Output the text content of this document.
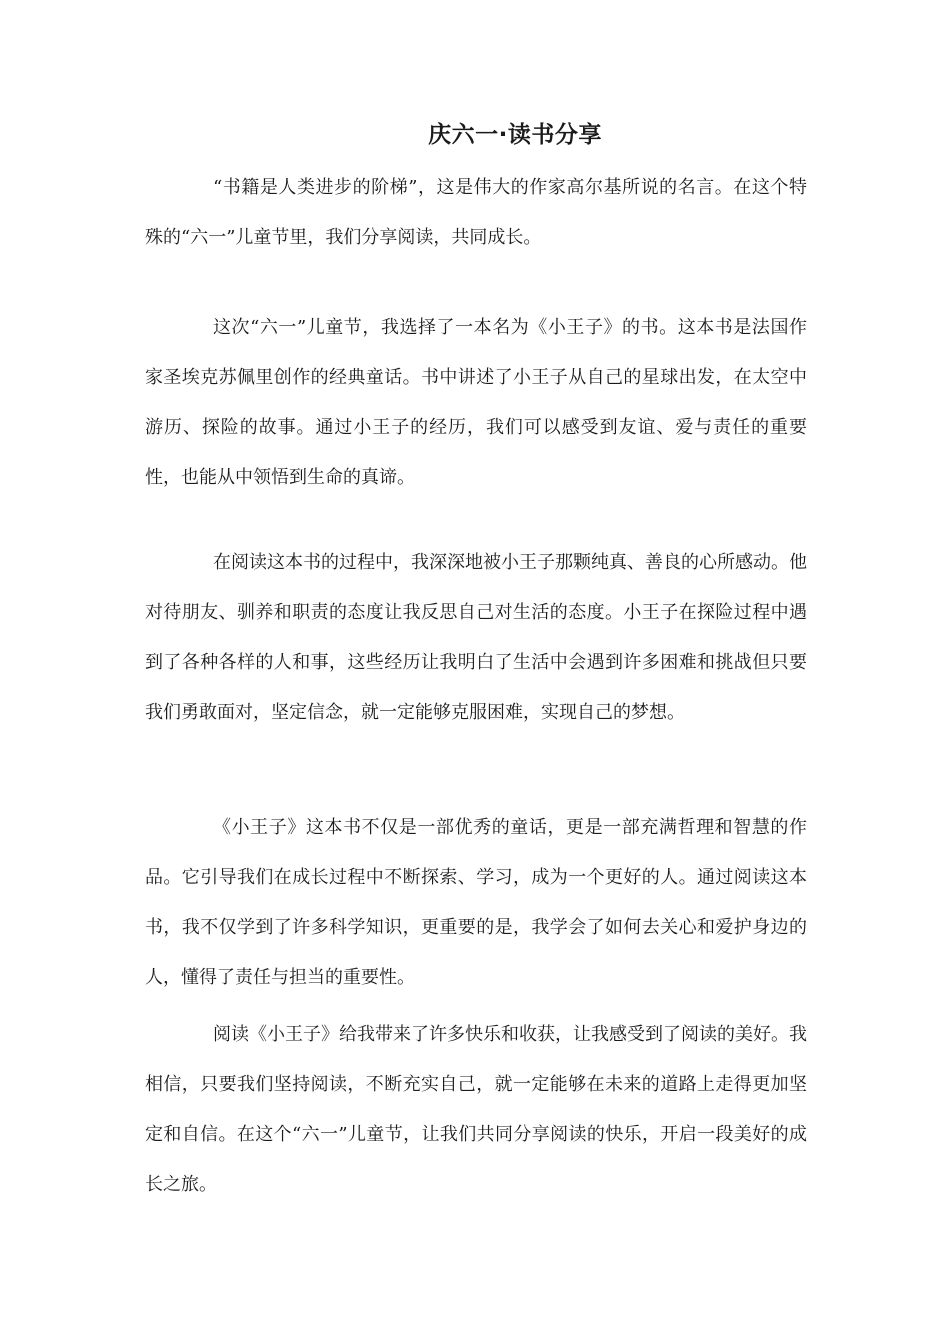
庆六一·读书分享

“书籍是人类进步的阶梯”，这是伟大的作家高尔基所说的名言。在这个特殊的“六一”儿童节里，我们分享阅读，共同成长。

这次“六一”儿童节，我选择了一本名为《小王子》的书。这本书是法国作家圣埃克苏佩里创作的经典童话。书中讲述了小王子从自己的星球出发，在太空中游历、探险的故事。通过小王子的经历，我们可以感受到友谊、爱与责任的重要性，也能从中领悟到生命的真谛。

在阅读这本书的过程中，我深深地被小王子那颗纯真、善良的心所感动。他对待朋友、驯养和职责的态度让我反思自己对生活的态度。小王子在探险过程中遇到了各种各样的人和事，这些经历让我明白了生活中会遇到许多困难和挑战但只要我们勇敢面对，坚定信念，就一定能够克服困难，实现自己的梦想。

《小王子》这本书不仅是一部优秀的童话，更是一部充满哲理和智慧的作品。它引导我们在成长过程中不断探索、学习，成为一个更好的人。通过阅读这本书，我不仅学到了许多科学知识，更重要的是，我学会了如何去关心和爱护身边的人，懂得了责任与担当的重要性。

阅读《小王子》给我带来了许多快乐和收获，让我感受到了阅读的美好。我相信，只要我们坚持阅读，不断充实自己，就一定能够在未来的道路上走得更加坚定和自信。在这个“六一”儿童节，让我们共同分享阅读的快乐，开启一段美好的成长之旅。
